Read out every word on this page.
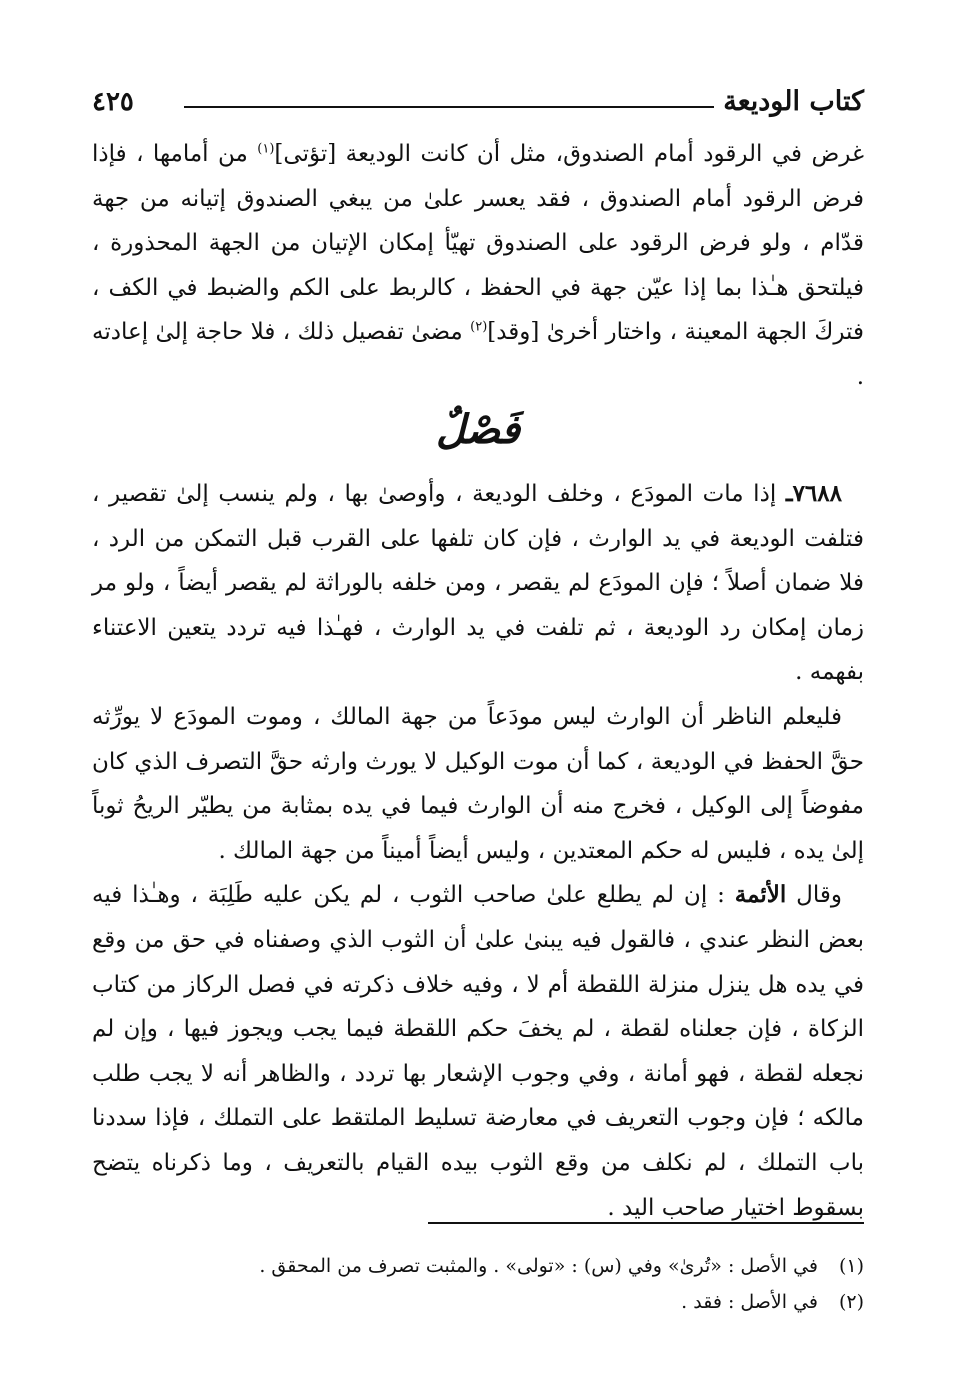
كتاب الوديعة
٤٢٥

غرض في الرقود أمام الصندوق، مثل أن كانت الوديعة [تؤتى]$^{(١)}$ من أمامها ، فإذا فرض الرقود أمام الصندوق ، فقد يعسر علىٰ من يبغي الصندوق إتيانه من جهة قدّام ، ولو فرض الرقود على الصندوق تهيّأ إمكان الإتيان من الجهة المحذورة ، فيلتحق هـٰذا بما إذا عيّن جهة في الحفظ ، كالربط على الكم والضبط في الكف ، فتركَ الجهة المعينة ، واختار أخرىٰ [وقد]$^{(٢)}$ مضىٰ تفصيل ذلك ، فلا حاجة إلىٰ إعادته .

فَصْلٌ

٧٦٨٨ـ إذا مات المودَع ، وخلف الوديعة ، وأوصىٰ بها ، ولم ينسب إلىٰ تقصير ، فتلفت الوديعة في يد الوارث ، فإن كان تلفها على القرب قبل التمكن من الرد ، فلا ضمان أصلاً ؛ فإن المودَع لم يقصر ، ومن خلفه بالوراثة لم يقصر أيضاً ، ولو مر زمان إمكان رد الوديعة ، ثم تلفت في يد الوارث ، فهـٰذا فيه تردد يتعين الاعتناء بفهمه .

فليعلم الناظر أن الوارث ليس مودَعاً من جهة المالك ، وموت المودَع لا يورِّثه حقَّ الحفظ في الوديعة ، كما أن موت الوكيل لا يورث وارثه حقَّ التصرف الذي كان مفوضاً إلى الوكيل ، فخرج منه أن الوارث فيما في يده بمثابة من يطيّر الريحُ ثوباً إلىٰ يده ، فليس له حكم المعتدين ، وليس أيضاً أميناً من جهة المالك .

وقال الأئمة : إن لم يطلع علىٰ صاحب الثوب ، لم يكن عليه طَلِبَة ، وهـٰذا فيه بعض النظر عندي ، فالقول فيه يبنىٰ علىٰ أن الثوب الذي وصفناه في حق من وقع في يده هل ينزل منزلة اللقطة أم لا ، وفيه خلاف ذكرته في فصل الركاز من كتاب الزكاة ، فإن جعلناه لقطة ، لم يخفَ حكم اللقطة فيما يجب ويجوز فيها ، وإن لم نجعله لقطة ، فهو أمانة ، وفي وجوب الإشعار بها تردد ، والظاهر أنه لا يجب طلب مالكه ؛ فإن وجوب التعريف في معارضة تسليط الملتقط على التملك ، فإذا سددنا باب التملك ، لم نكلف من وقع الثوب بيده القيام بالتعريف ، وما ذكرناه يتضح بسقوط اختيار صاحب اليد .

(١)
في الأصل : «تُرىٰ» وفي (س) : «تولى» . والمثبت تصرف من المحقق .
(٢)
في الأصل : فقد .
